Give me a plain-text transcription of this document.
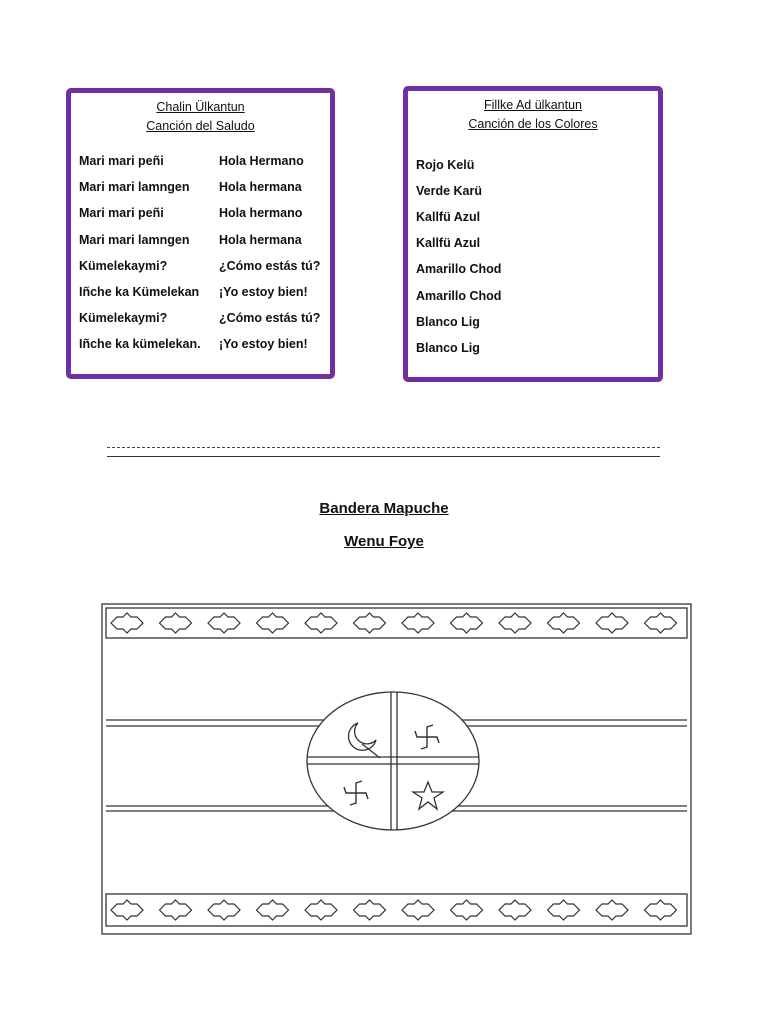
Chalin Ülkantun
Canción del Saludo
Mari mari peñi	Hola Hermano
Mari mari lamngen	Hola hermana
Mari mari peñi	Hola hermano
Mari mari lamngen	Hola hermana
Kümelekaymi?	¿Cómo estás tú?
Iñche ka Kümelekan	¡Yo estoy bien!
Kümelekaymi?	¿Cómo estás tú?
Iñche ka kümelekan.	¡Yo estoy bien!
Fillke Ad ülkantun
Canción de los Colores
Rojo Kelü
Verde Karü
Kallfü Azul
Kallfü Azul
Amarillo Chod
Amarillo Chod
Blanco Lig
Blanco Lig
Bandera Mapuche
Wenu Foye
